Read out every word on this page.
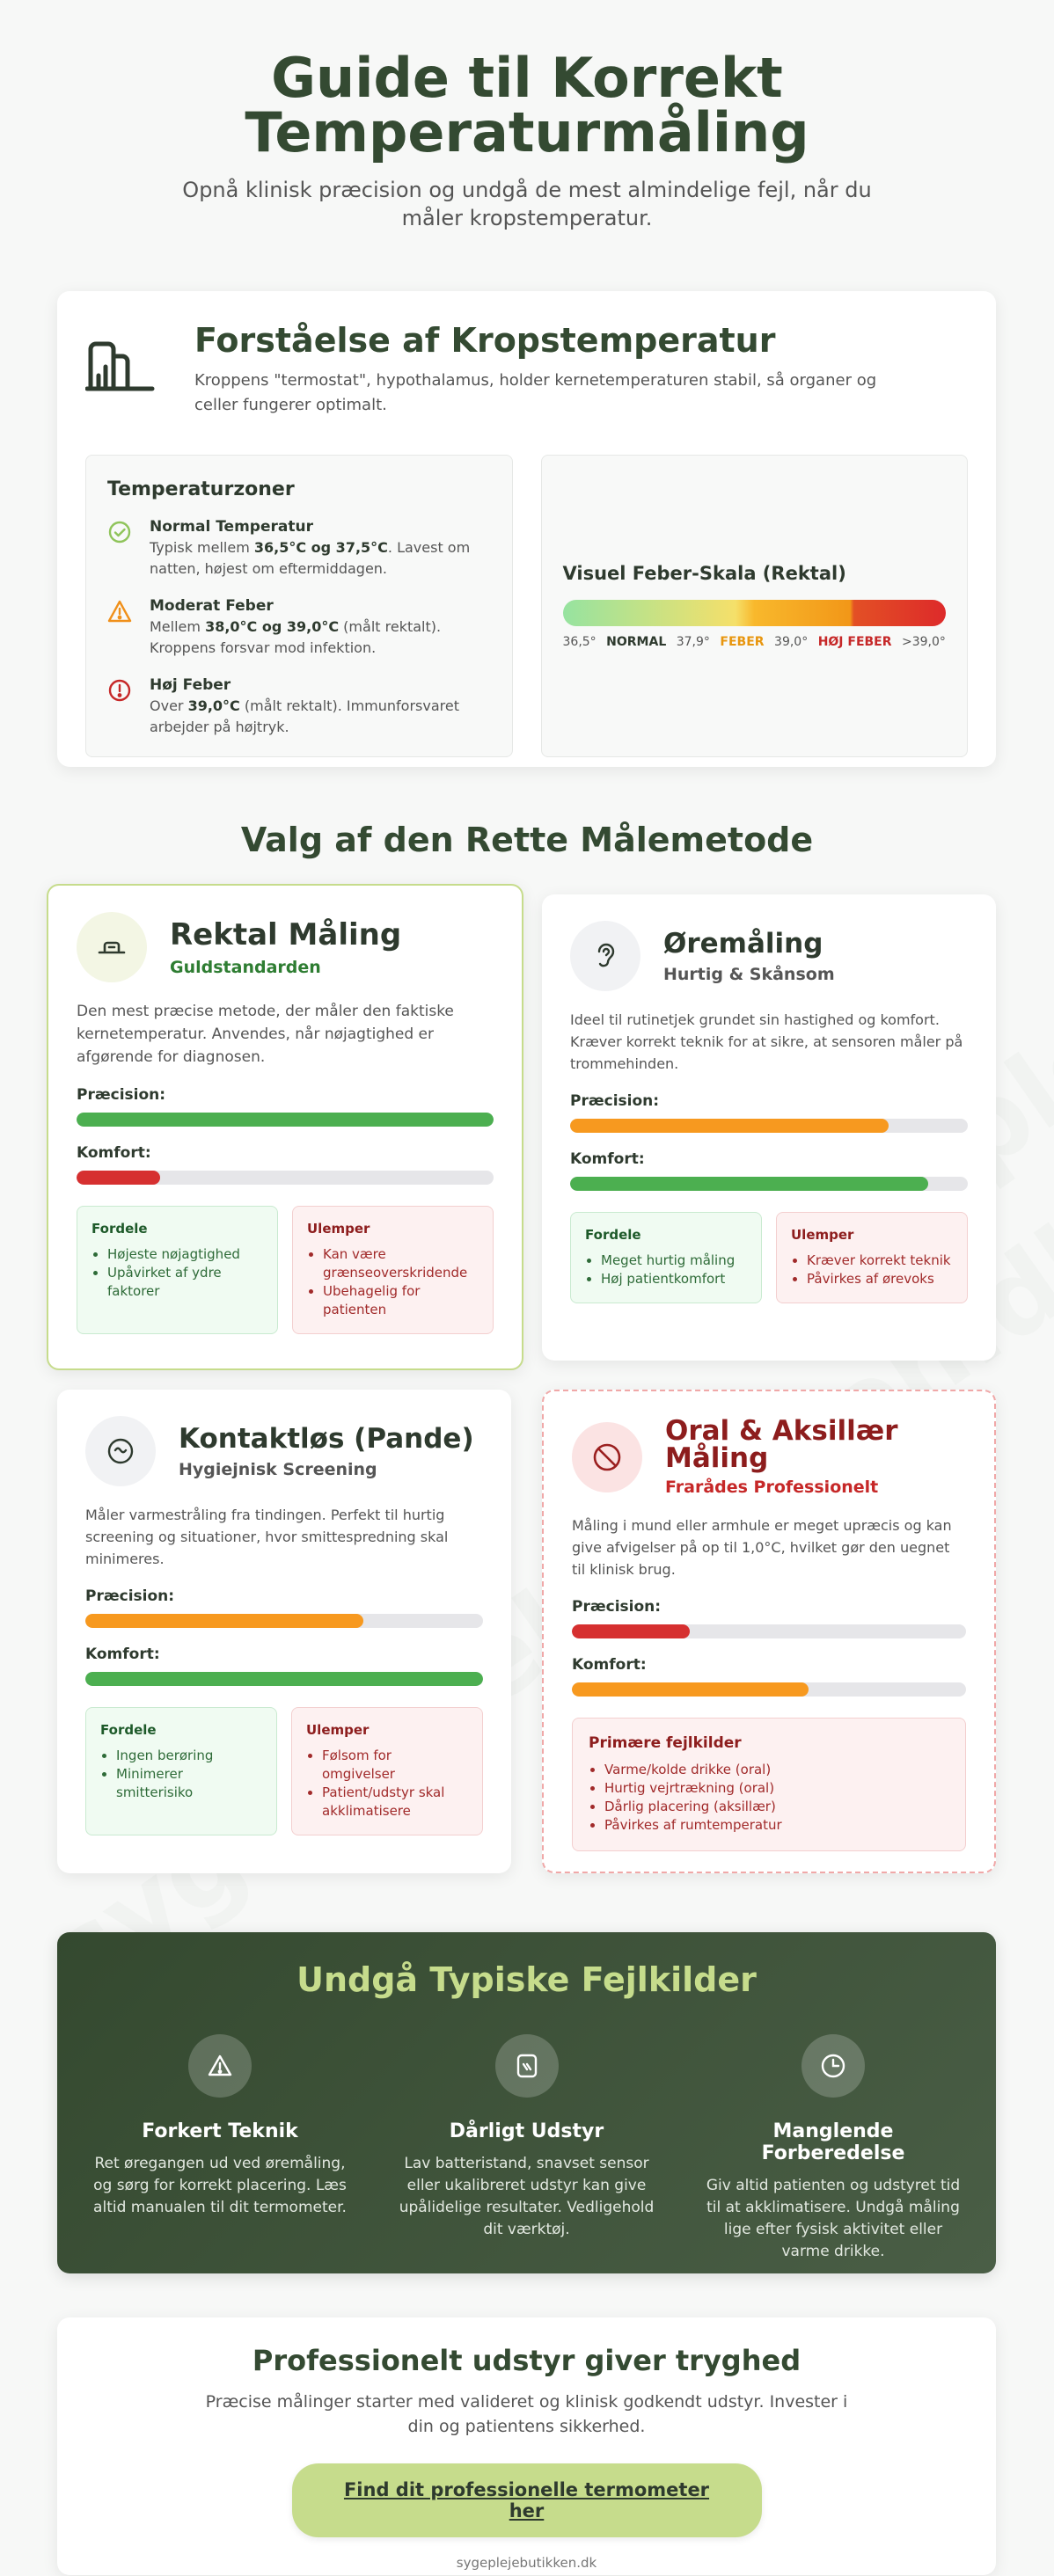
Guide til Korrekt Temperaturmåling

Opnå klinisk præcision og undgå de mest almindelige fejl, når du måler kropstemperatur.

Forståelse af Kropstemperatur

Kroppens "termostat", hypothalamus, holder kernetemperaturen stabil, så organer og celler fungerer optimalt.

Temperaturzoner
Normal Temperatur
Typisk mellem 36,5°C og 37,5°C. Lavest om natten, højest om eftermiddagen.
Moderat Feber
Mellem 38,0°C og 39,0°C (målt rektalt). Kroppens forsvar mod infektion.
Høj Feber
Over 39,0°C (målt rektalt). Immunforsvaret arbejder på højtryk.
Visuel Feber-Skala (Rektal)
36,5° NORMAL 37,9° FEBER 39,0° HØJ FEBER >39,0°
Valg af den Rette Målemetode
Rektal Måling
Guldstandarden

Den mest præcise metode, der måler den faktiske kernetemperatur. Anvendes, når nøjagtighed er afgørende for diagnosen.

Præcision:
Komfort:
Fordele
• Højeste nøjagtighed
• Upåvirket af ydre faktorer
Ulemper
• Kan være grænseoverskridende
• Ubehagelig for patienten
Øremåling
Hurtig & Skånsom

Ideel til rutinetjek grundet sin hastighed og komfort. Kræver korrekt teknik for at sikre, at sensoren måler på trommehinden.

Præcision:
Komfort:
Fordele
• Meget hurtig måling
• Høj patientkomfort
Ulemper
• Kræver korrekt teknik
• Påvirkes af ørevoks
Kontaktløs (Pande)
Hygiejnisk Screening

Måler varmestråling fra tindingen. Perfekt til hurtig screening og situationer, hvor smittespredning skal minimeres.

Præcision:
Komfort:
Fordele
• Ingen berøring
• Minimerer smitterisiko
Ulemper
• Følsom for omgivelser
• Patient/udstyr skal akklimatisere
Oral & Aksillær Måling
Frarådes Professionelt

Måling i mund eller armhule er meget upræcis og kan give afvigelser på op til 1,0°C, hvilket gør den uegnet til klinisk brug.

Præcision:
Komfort:
Primære fejlkilder
• Varme/kolde drikke (oral)
• Hurtig vejrtrækning (oral)
• Dårlig placering (aksillær)
• Påvirkes af rumtemperatur
Undgå Typiske Fejlkilder
Forkert Teknik
Ret øregangen ud ved øremåling, og sørg for korrekt placering. Læs altid manualen til dit termometer.
Dårligt Udstyr
Lav batteristand, snavset sensor eller ukalibreret udstyr kan give upålidelige resultater. Vedligehold dit værktøj.
Manglende Forberedelse
Giv altid patienten og udstyret tid til at akklimatisere. Undgå måling lige efter fysisk aktivitet eller varme drikke.
Professionelt udstyr giver tryghed

Præcise målinger starter med valideret og klinisk godkendt udstyr. Invester i din og patientens sikkerhed.

Find dit professionelle termometer her
sygeplejebutikken.dk
